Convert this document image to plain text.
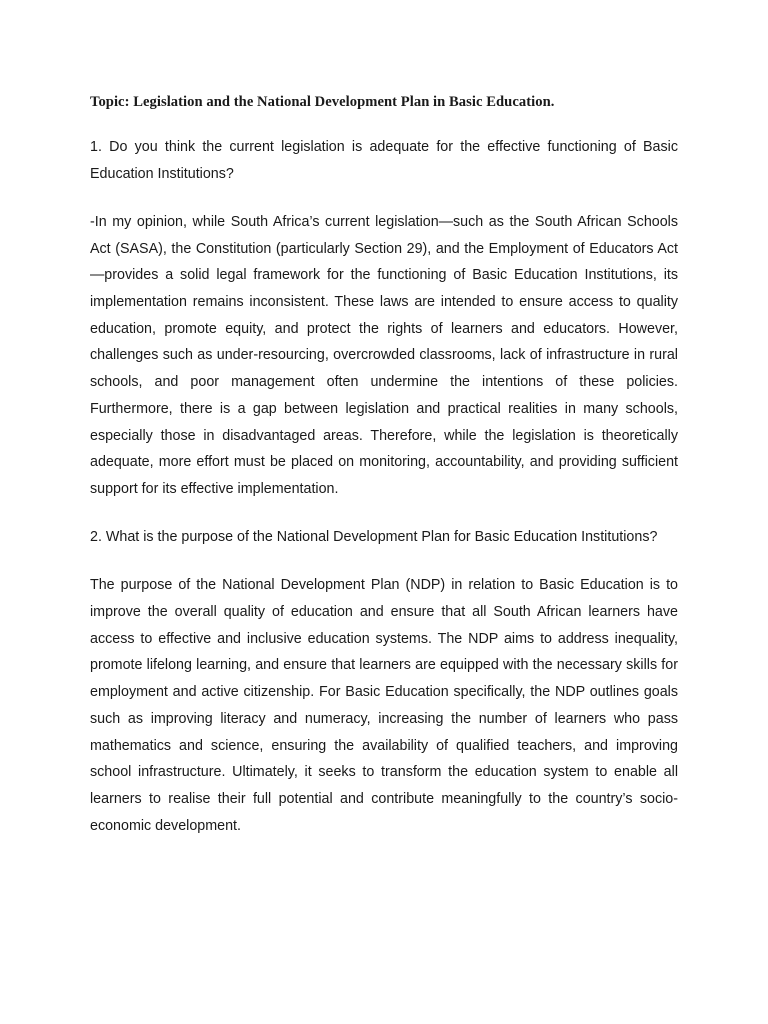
Topic: Legislation and the National Development Plan in Basic Education.

1. Do you think the current legislation is adequate for the effective functioning of Basic Education Institutions?

-In my opinion, while South Africa’s current legislation—such as the South African Schools Act (SASA), the Constitution (particularly Section 29), and the Employment of Educators Act—provides a solid legal framework for the functioning of Basic Education Institutions, its implementation remains inconsistent. These laws are intended to ensure access to quality education, promote equity, and protect the rights of learners and educators. However, challenges such as under-resourcing, overcrowded classrooms, lack of infrastructure in rural schools, and poor management often undermine the intentions of these policies. Furthermore, there is a gap between legislation and practical realities in many schools, especially those in disadvantaged areas. Therefore, while the legislation is theoretically adequate, more effort must be placed on monitoring, accountability, and providing sufficient support for its effective implementation.

2. What is the purpose of the National Development Plan for Basic Education Institutions?

The purpose of the National Development Plan (NDP) in relation to Basic Education is to improve the overall quality of education and ensure that all South African learners have access to effective and inclusive education systems. The NDP aims to address inequality, promote lifelong learning, and ensure that learners are equipped with the necessary skills for employment and active citizenship. For Basic Education specifically, the NDP outlines goals such as improving literacy and numeracy, increasing the number of learners who pass mathematics and science, ensuring the availability of qualified teachers, and improving school infrastructure. Ultimately, it seeks to transform the education system to enable all learners to realise their full potential and contribute meaningfully to the country’s socio-economic development.
